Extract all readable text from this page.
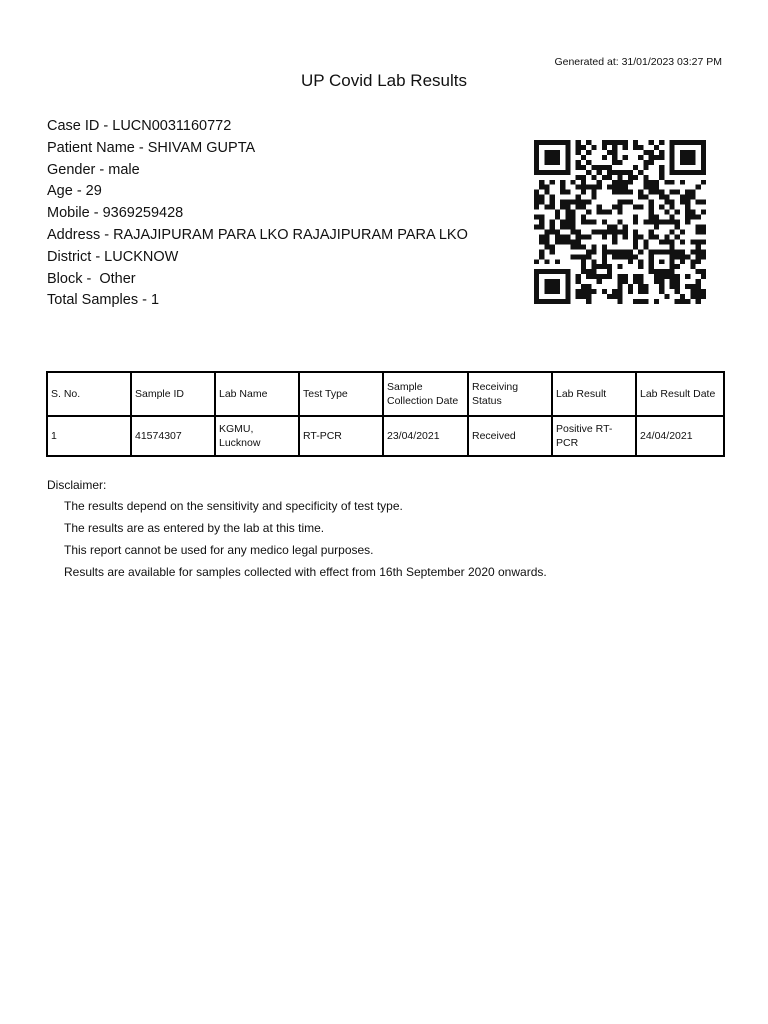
Generated at: 31/01/2023 03:27 PM
UP Covid Lab Results
Case ID - LUCN0031160772
Patient Name - SHIVAM GUPTA
Gender - male
Age - 29
Mobile - 9369259428
Address - RAJAJIPURAM PARA LKO RAJAJIPURAM PARA LKO
District - LUCKNOW
Block -  Other
Total Samples - 1
S. No.	Sample ID	Lab Name	Test Type	Sample Collection Date	Receiving Status	Lab Result	Lab Result Date
1	41574307	KGMU, Lucknow	RT-PCR	23/04/2021	Received	Positive RT-PCR	24/04/2021
Disclaimer:
The results depend on the sensitivity and specificity of test type.
The results are as entered by the lab at this time.
This report cannot be used for any medico legal purposes.
Results are available for samples collected with effect from 16th September 2020 onwards.
